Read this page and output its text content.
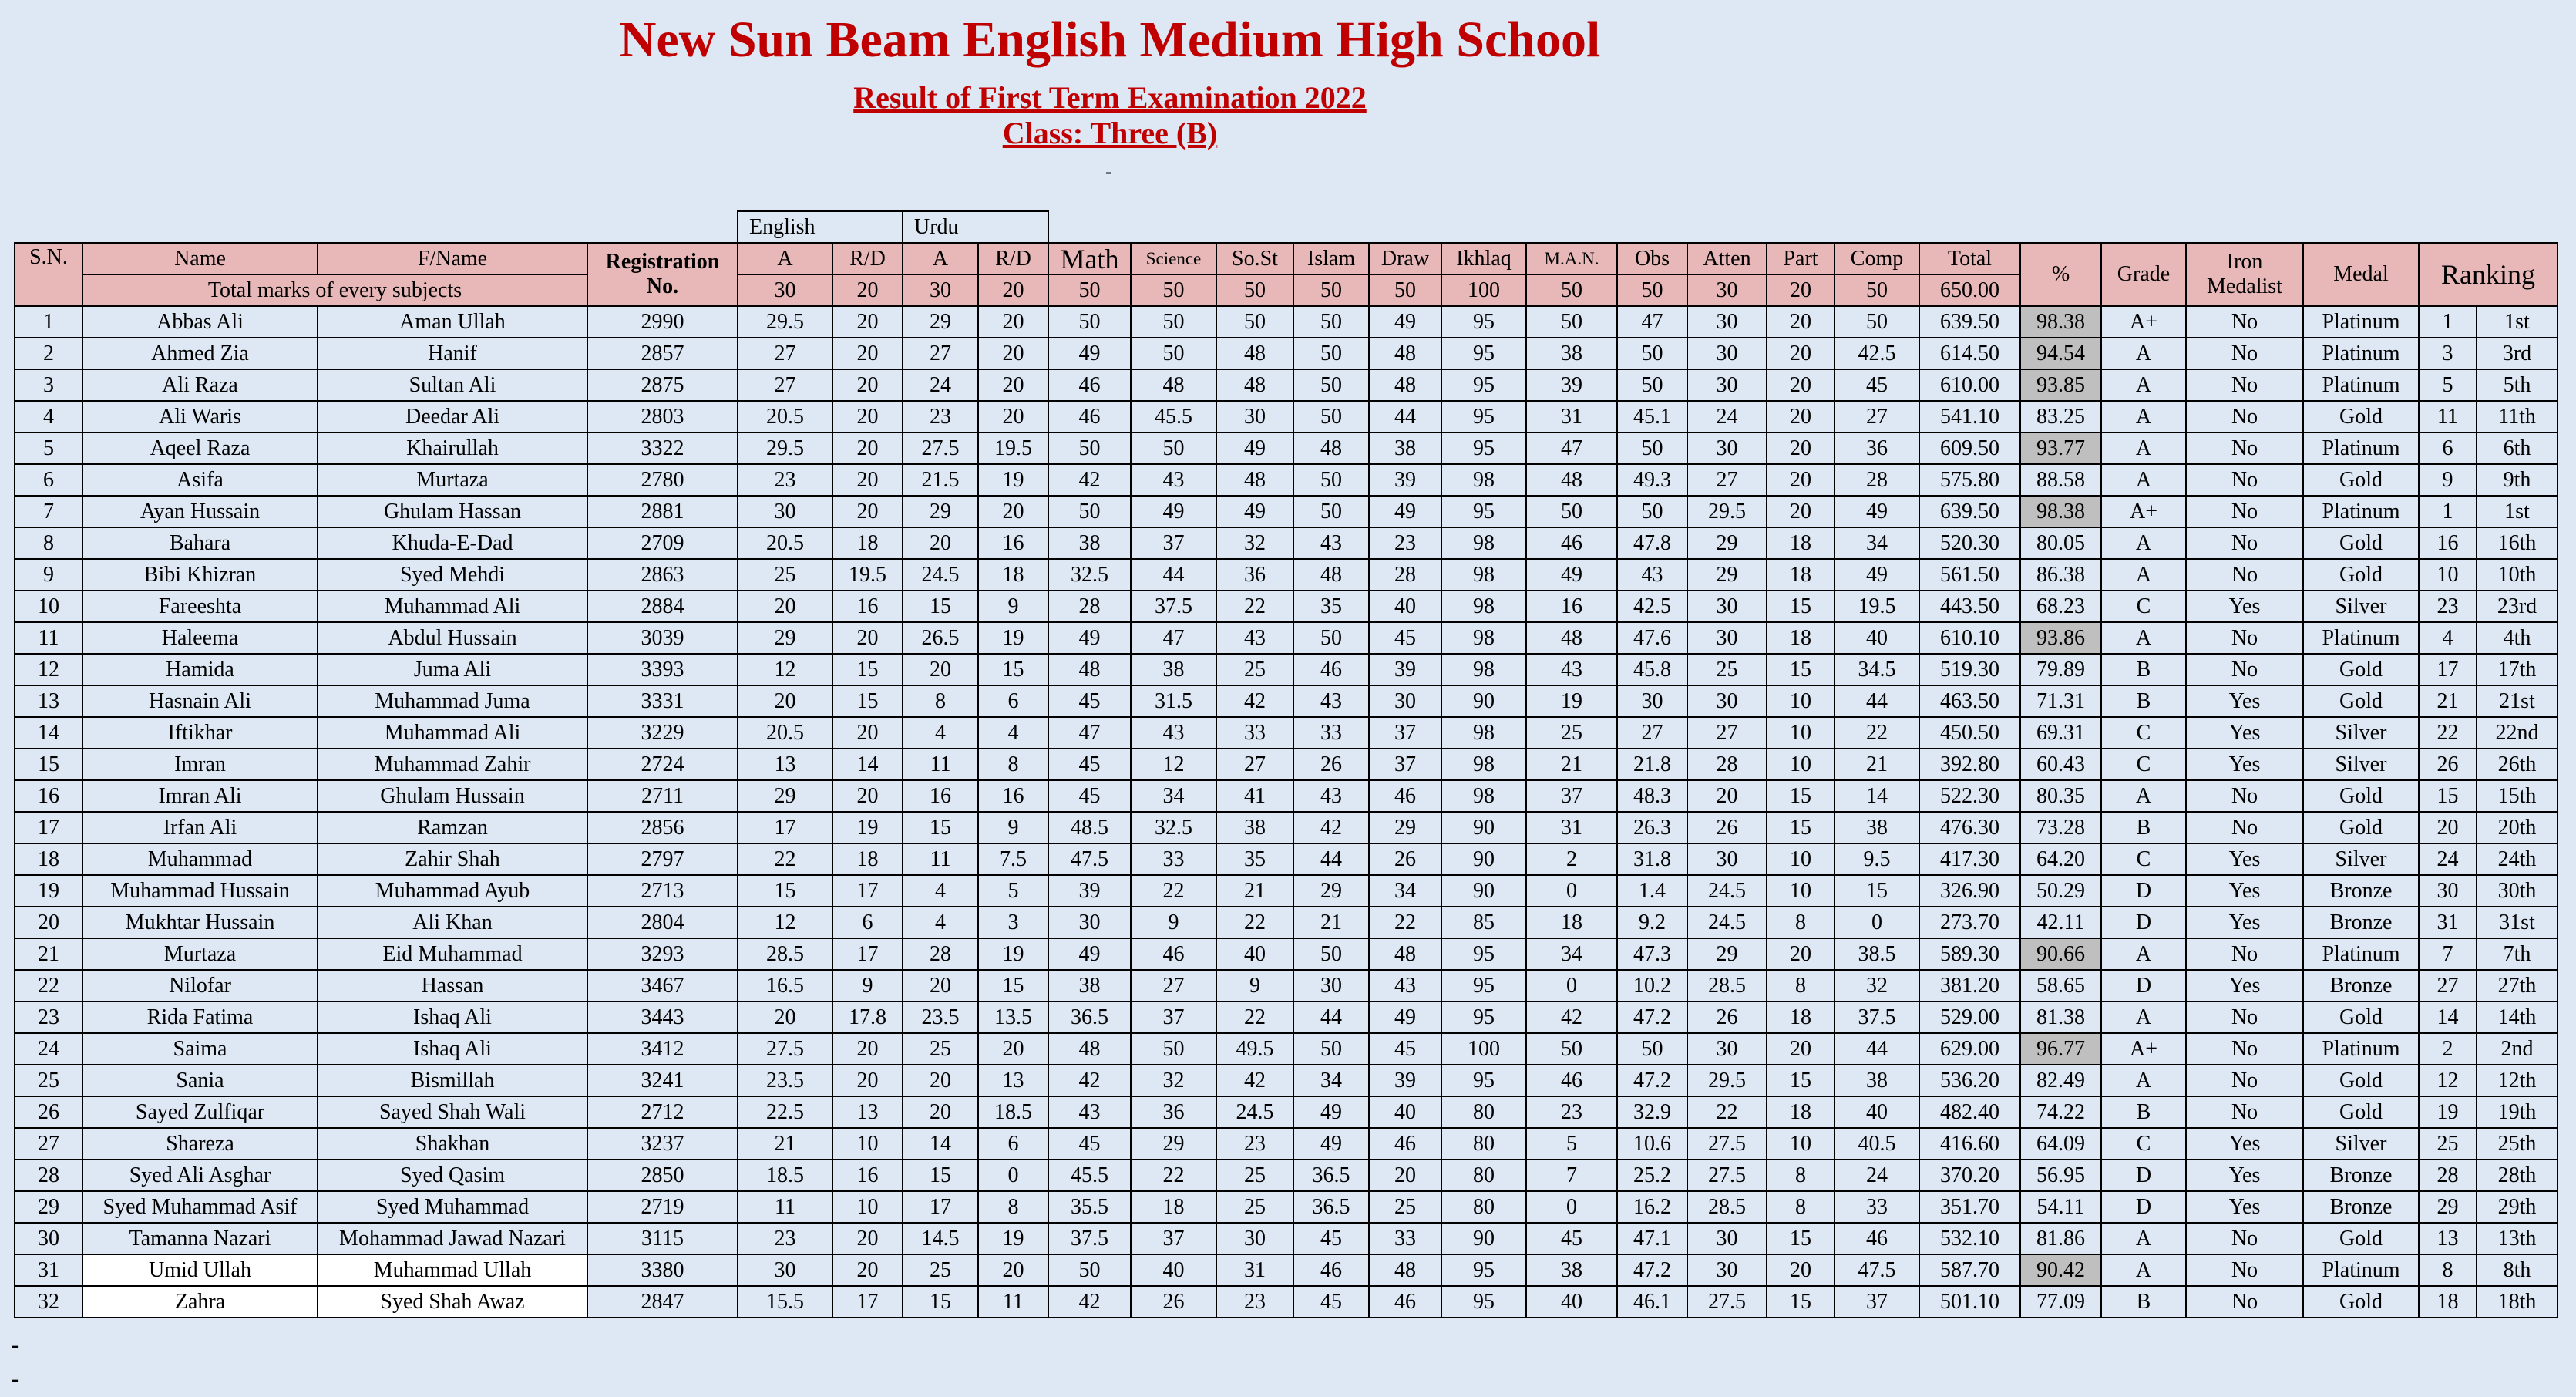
New Sun Beam English Medium High School
Result of First Term Examination 2022
Class: Three (B)
-
				English		Urdu																			
S.N.	Name	F/Name	Registration No.	A	R/D	A	R/D	Math	Science	So.St	Islam	Draw	Ikhlaq	M.A.N.	Obs	Atten	Part	Comp	Total	%	Grade	Iron Medalist	Medal	Ranking	
	Total marks of every subjects			30	20	30	20	50	50	50	50	50	100	50	50	30	20	50	650.00						
1	Abbas Ali	Aman Ullah	2990	29.5	20	29	20	50	50	50	50	49	95	50	47	30	20	50	639.50	98.38	A+	No	Platinum	1	1st
2	Ahmed Zia	Hanif	2857	27	20	27	20	49	50	48	50	48	95	38	50	30	20	42.5	614.50	94.54	A	No	Platinum	3	3rd
3	Ali Raza	Sultan Ali	2875	27	20	24	20	46	48	48	50	48	95	39	50	30	20	45	610.00	93.85	A	No	Platinum	5	5th
4	Ali Waris	Deedar Ali	2803	20.5	20	23	20	46	45.5	30	50	44	95	31	45.1	24	20	27	541.10	83.25	A	No	Gold	11	11th
5	Aqeel Raza	Khairullah	3322	29.5	20	27.5	19.5	50	50	49	48	38	95	47	50	30	20	36	609.50	93.77	A	No	Platinum	6	6th
6	Asifa	Murtaza	2780	23	20	21.5	19	42	43	48	50	39	98	48	49.3	27	20	28	575.80	88.58	A	No	Gold	9	9th
7	Ayan Hussain	Ghulam Hassan	2881	30	20	29	20	50	49	49	50	49	95	50	50	29.5	20	49	639.50	98.38	A+	No	Platinum	1	1st
8	Bahara	Khuda-E-Dad	2709	20.5	18	20	16	38	37	32	43	23	98	46	47.8	29	18	34	520.30	80.05	A	No	Gold	16	16th
9	Bibi Khizran	Syed Mehdi	2863	25	19.5	24.5	18	32.5	44	36	48	28	98	49	43	29	18	49	561.50	86.38	A	No	Gold	10	10th
10	Fareeshta	Muhammad Ali	2884	20	16	15	9	28	37.5	22	35	40	98	16	42.5	30	15	19.5	443.50	68.23	C	Yes	Silver	23	23rd
11	Haleema	Abdul Hussain	3039	29	20	26.5	19	49	47	43	50	45	98	48	47.6	30	18	40	610.10	93.86	A	No	Platinum	4	4th
12	Hamida	Juma Ali	3393	12	15	20	15	48	38	25	46	39	98	43	45.8	25	15	34.5	519.30	79.89	B	No	Gold	17	17th
13	Hasnain Ali	Muhammad Juma	3331	20	15	8	6	45	31.5	42	43	30	90	19	30	30	10	44	463.50	71.31	B	Yes	Gold	21	21st
14	Iftikhar	Muhammad Ali	3229	20.5	20	4	4	47	43	33	33	37	98	25	27	27	10	22	450.50	69.31	C	Yes	Silver	22	22nd
15	Imran	Muhammad Zahir	2724	13	14	11	8	45	12	27	26	37	98	21	21.8	28	10	21	392.80	60.43	C	Yes	Silver	26	26th
16	Imran Ali	Ghulam Hussain	2711	29	20	16	16	45	34	41	43	46	98	37	48.3	20	15	14	522.30	80.35	A	No	Gold	15	15th
17	Irfan Ali	Ramzan	2856	17	19	15	9	48.5	32.5	38	42	29	90	31	26.3	26	15	38	476.30	73.28	B	No	Gold	20	20th
18	Muhammad	Zahir Shah	2797	22	18	11	7.5	47.5	33	35	44	26	90	2	31.8	30	10	9.5	417.30	64.20	C	Yes	Silver	24	24th
19	Muhammad Hussain	Muhammad Ayub	2713	15	17	4	5	39	22	21	29	34	90	0	1.4	24.5	10	15	326.90	50.29	D	Yes	Bronze	30	30th
20	Mukhtar Hussain	Ali Khan	2804	12	6	4	3	30	9	22	21	22	85	18	9.2	24.5	8	0	273.70	42.11	D	Yes	Bronze	31	31st
21	Murtaza	Eid Muhammad	3293	28.5	17	28	19	49	46	40	50	48	95	34	47.3	29	20	38.5	589.30	90.66	A	No	Platinum	7	7th
22	Nilofar	Hassan	3467	16.5	9	20	15	38	27	9	30	43	95	0	10.2	28.5	8	32	381.20	58.65	D	Yes	Bronze	27	27th
23	Rida Fatima	Ishaq Ali	3443	20	17.8	23.5	13.5	36.5	37	22	44	49	95	42	47.2	26	18	37.5	529.00	81.38	A	No	Gold	14	14th
24	Saima	Ishaq Ali	3412	27.5	20	25	20	48	50	49.5	50	45	100	50	50	30	20	44	629.00	96.77	A+	No	Platinum	2	2nd
25	Sania	Bismillah	3241	23.5	20	20	13	42	32	42	34	39	95	46	47.2	29.5	15	38	536.20	82.49	A	No	Gold	12	12th
26	Sayed Zulfiqar	Sayed Shah Wali	2712	22.5	13	20	18.5	43	36	24.5	49	40	80	23	32.9	22	18	40	482.40	74.22	B	No	Gold	19	19th
27	Shareza	Shakhan	3237	21	10	14	6	45	29	23	49	46	80	5	10.6	27.5	10	40.5	416.60	64.09	C	Yes	Silver	25	25th
28	Syed Ali Asghar	Syed Qasim	2850	18.5	16	15	0	45.5	22	25	36.5	20	80	7	25.2	27.5	8	24	370.20	56.95	D	Yes	Bronze	28	28th
29	Syed Muhammad Asif	Syed Muhammad	2719	11	10	17	8	35.5	18	25	36.5	25	80	0	16.2	28.5	8	33	351.70	54.11	D	Yes	Bronze	29	29th
30	Tamanna Nazari	Mohammad Jawad Nazari	3115	23	20	14.5	19	37.5	37	30	45	33	90	45	47.1	30	15	46	532.10	81.86	A	No	Gold	13	13th
31	Umid Ullah	Muhammad Ullah	3380	30	20	25	20	50	40	31	46	48	95	38	47.2	30	20	47.5	587.70	90.42	A	No	Platinum	8	8th
32	Zahra	Syed Shah Awaz	2847	15.5	17	15	11	42	26	23	45	46	95	40	46.1	27.5	15	37	501.10	77.09	B	No	Gold	18	18th
-
-
